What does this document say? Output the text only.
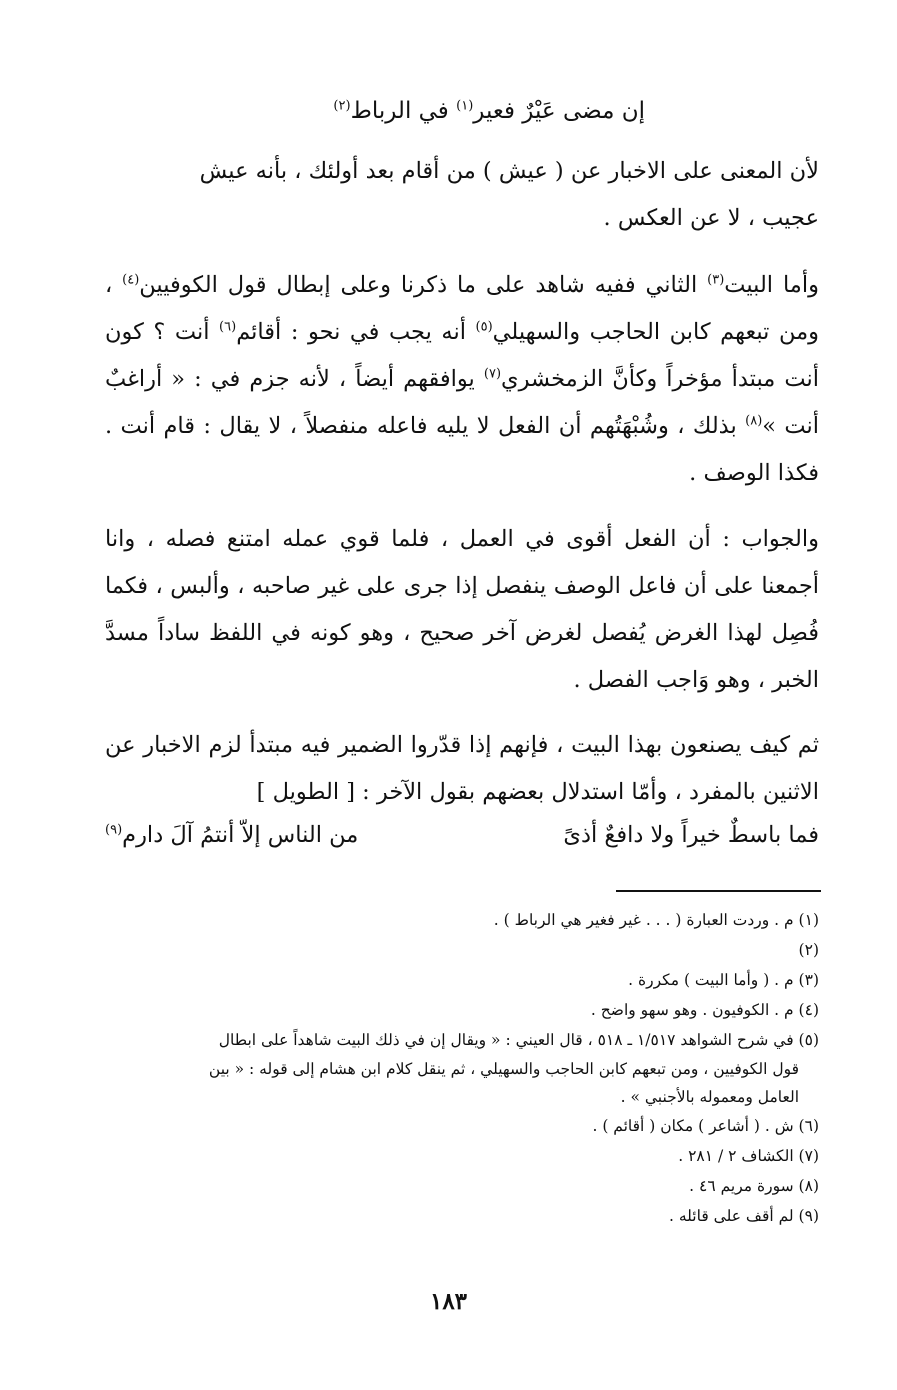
إن مضى عَيْرٌ فعير$^{(١)}$ في الرباط$^{(٢)}$

لأن المعنى على الاخبار عن ( عيش ) من أقام بعد أولئك ، بأنه عيش

عجيب ، لا عن العكس .

وأما البيت$^{(٣)}$ الثاني ففيه شاهد على ما ذكرنا وعلى إبطال قول الكوفيين$^{(٤)}$ ، ومن تبعهم كابن الحاجب والسهيلي$^{(٥)}$ أنه يجب في نحو : أقائم$^{(٦)}$ أنت ؟ كون أنت مبتدأ مؤخراً وكأنَّ الزمخشري$^{(٧)}$ يوافقهم أيضاً ، لأنه جزم في : « أراغبٌ أنت »$^{(٨)}$ بذلك ، وشُبْهَتُهم أن الفعل لا يليه فاعله منفصلاً ، لا يقال : قام أنت . فكذا الوصف .

والجواب : أن الفعل أقوى في العمل ، فلما قوي عمله امتنع فصله ، وانا أجمعنا على أن فاعل الوصف ينفصل إذا جرى على غير صاحبه ، وألبس ، فكما فُصِل لهذا الغرض يُفصل لغرض آخر صحيح ، وهو كونه في اللفظ ساداً مسدَّ الخبر ، وهو وَاجب الفصل .

ثم كيف يصنعون بهذا البيت ، فإنهم إذا قدّروا الضمير فيه مبتدأ لزم الاخبار عن الاثنين بالمفرد ، وأمّا استدلال بعضهم بقول الآخر : [ الطويل ]

فما باسطٌ خيراً ولا دافعٌ أذىً
من الناس إلاّ أنتمُ آلَ دارم$^{(٩)}$
(١) م . وردت العبارة ( . . . غير فغير هي الرباط ) .
(٢)
(٣) م . ( وأما البيت ) مكررة .
(٤) م . الكوفيون . وهو سهو واضح .
(٥) في شرح الشواهد ١/٥١٧ ـ ٥١٨ ، قال العيني : « ويقال إن في ذلك البيت شاهداً على ابطال
قول الكوفيين ، ومن تبعهم كابن الحاجب والسهيلي ، ثم ينقل كلام ابن هشام إلى قوله : « بين
العامل ومعموله بالأجنبي » .
(٦) ش . ( أشاعر ) مكان ( أقائم ) .
(٧) الكشاف ٢ / ٢٨١ .
(٨) سورة مريم ٤٦ .
(٩) لم أقف على قائله .
١٨٣
